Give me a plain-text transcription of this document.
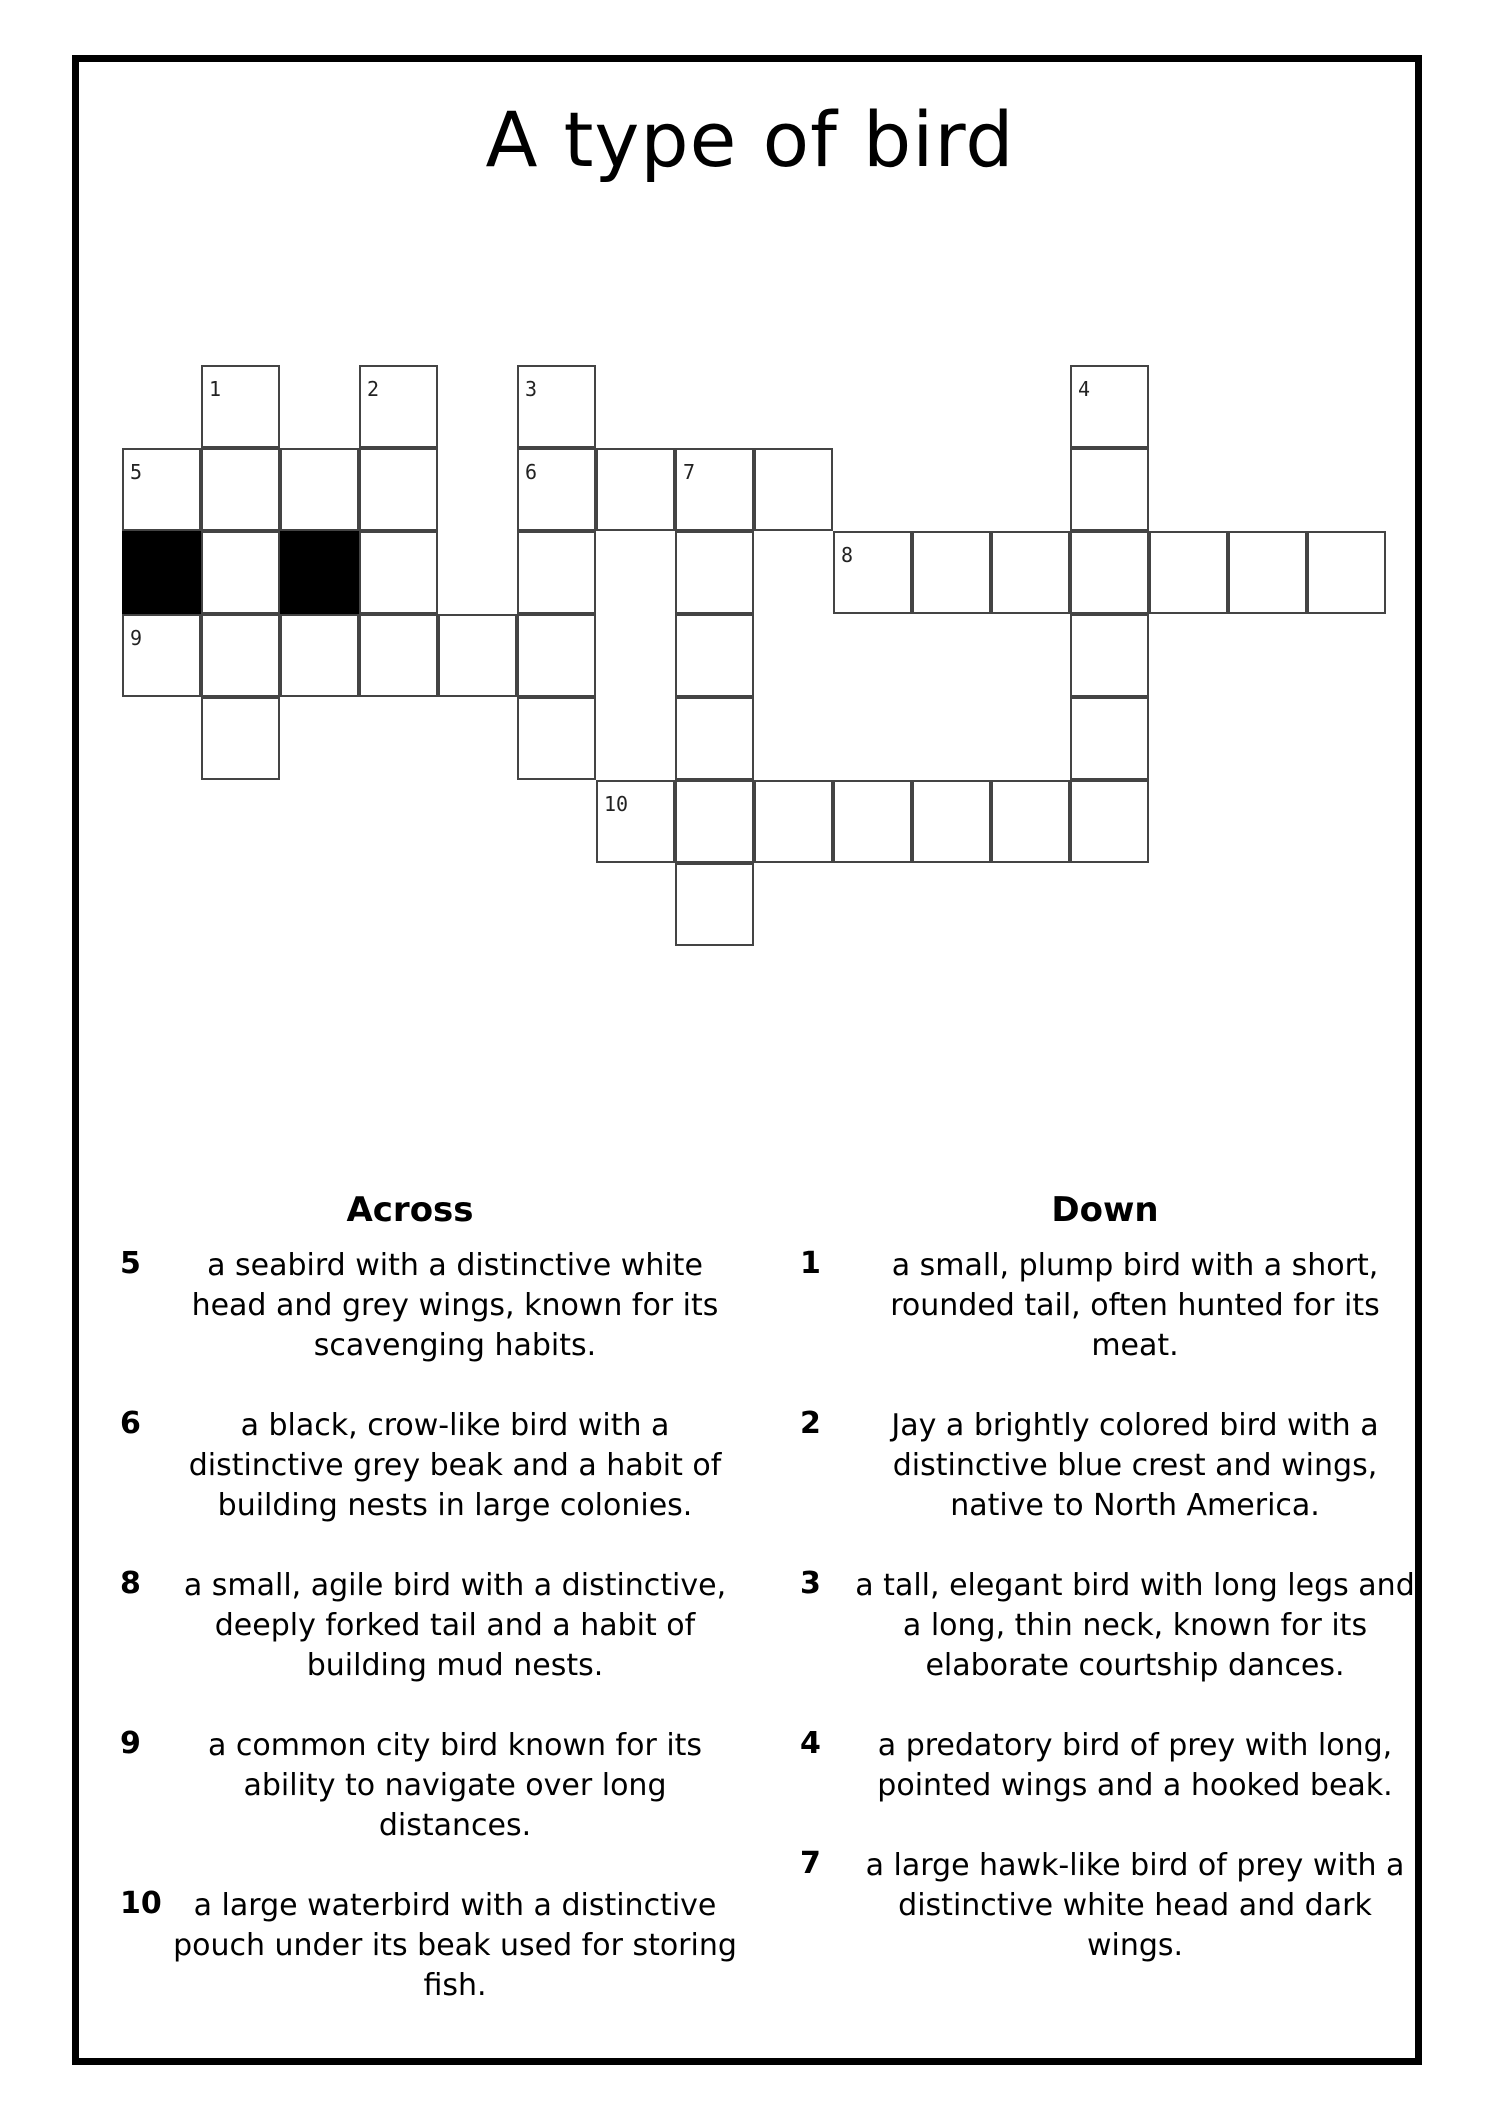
A type of bird
1	2	3	4
5	6	7
8
9
10
Across
5	a seabird with a distinctive white head and grey wings, known for its scavenging habits.
6	a black, crow-like bird with a distinctive grey beak and a habit of building nests in large colonies.
8	a small, agile bird with a distinctive, deeply forked tail and a habit of building mud nests.
9	a common city bird known for its ability to navigate over long distances.
10	a large waterbird with a distinctive pouch under its beak used for storing fish.
Down
1	a small, plump bird with a short, rounded tail, often hunted for its meat.
2	Jay a brightly colored bird with a distinctive blue crest and wings, native to North America.
3 a tall, elegant bird with long legs and a long, thin neck, known for its elaborate courtship dances.
4	a predatory bird of prey with long, pointed wings and a hooked beak.
7	a large hawk-like bird of prey with a distinctive white head and dark wings.
